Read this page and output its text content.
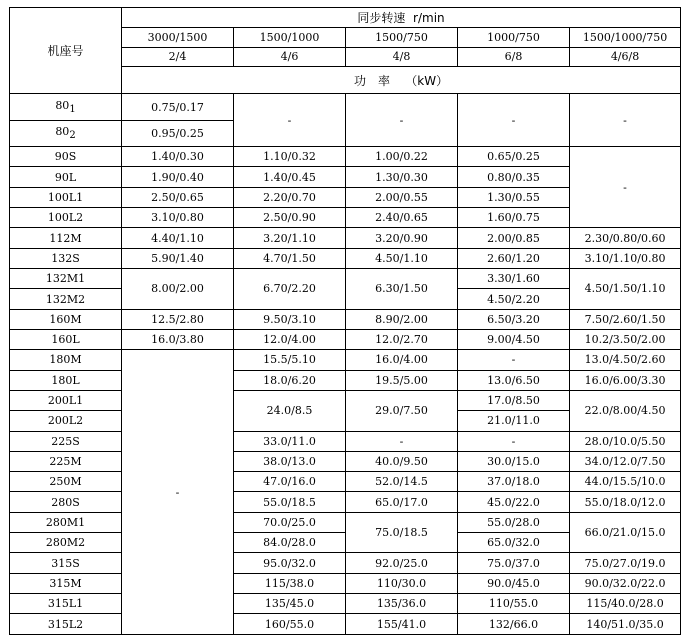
机座号	同步转速 r/min				
	3000/1500	1500/1000	1500/750	1000/750	1500/1000/750
	2/4	4/6	4/8	6/8	4/6/8
	功　率 （kW）				
801	0.75/0.17	-	-	-	-
802	0.95/0.25				
90S	1.40/0.30	1.10/0.32	1.00/0.22	0.65/0.25	-
90L	1.90/0.40	1.40/0.45	1.30/0.30	0.80/0.35	
100L1	2.50/0.65	2.20/0.70	2.00/0.55	1.30/0.55	
100L2	3.10/0.80	2.50/0.90	2.40/0.65	1.60/0.75	
112M	4.40/1.10	3.20/1.10	3.20/0.90	2.00/0.85	2.30/0.80/0.60
132S	5.90/1.40	4.70/1.50	4.50/1.10	2.60/1.20	3.10/1.10/0.80
132M1	8.00/2.00	6.70/2.20	6.30/1.50	3.30/1.60	4.50/1.50/1.10
132M2				4.50/2.20	
160M	12.5/2.80	9.50/3.10	8.90/2.00	6.50/3.20	7.50/2.60/1.50
160L	16.0/3.80	12.0/4.00	12.0/2.70	9.00/4.50	10.2/3.50/2.00
180M	-	15.5/5.10	16.0/4.00	-	13.0/4.50/2.60
180L		18.0/6.20	19.5/5.00	13.0/6.50	16.0/6.00/3.30
200L1		24.0/8.5	29.0/7.50	17.0/8.50	22.0/8.00/4.50
200L2				21.0/11.0	
225S		33.0/11.0	-	-	28.0/10.0/5.50
225M		38.0/13.0	40.0/9.50	30.0/15.0	34.0/12.0/7.50
250M		47.0/16.0	52.0/14.5	37.0/18.0	44.0/15.5/10.0
280S		55.0/18.5	65.0/17.0	45.0/22.0	55.0/18.0/12.0
280M1		70.0/25.0	75.0/18.5	55.0/28.0	66.0/21.0/15.0
280M2		84.0/28.0		65.0/32.0	
315S		95.0/32.0	92.0/25.0	75.0/37.0	75.0/27.0/19.0
315M		115/38.0	110/30.0	90.0/45.0	90.0/32.0/22.0
315L1		135/45.0	135/36.0	110/55.0	115/40.0/28.0
315L2		160/55.0	155/41.0	132/66.0	140/51.0/35.0
